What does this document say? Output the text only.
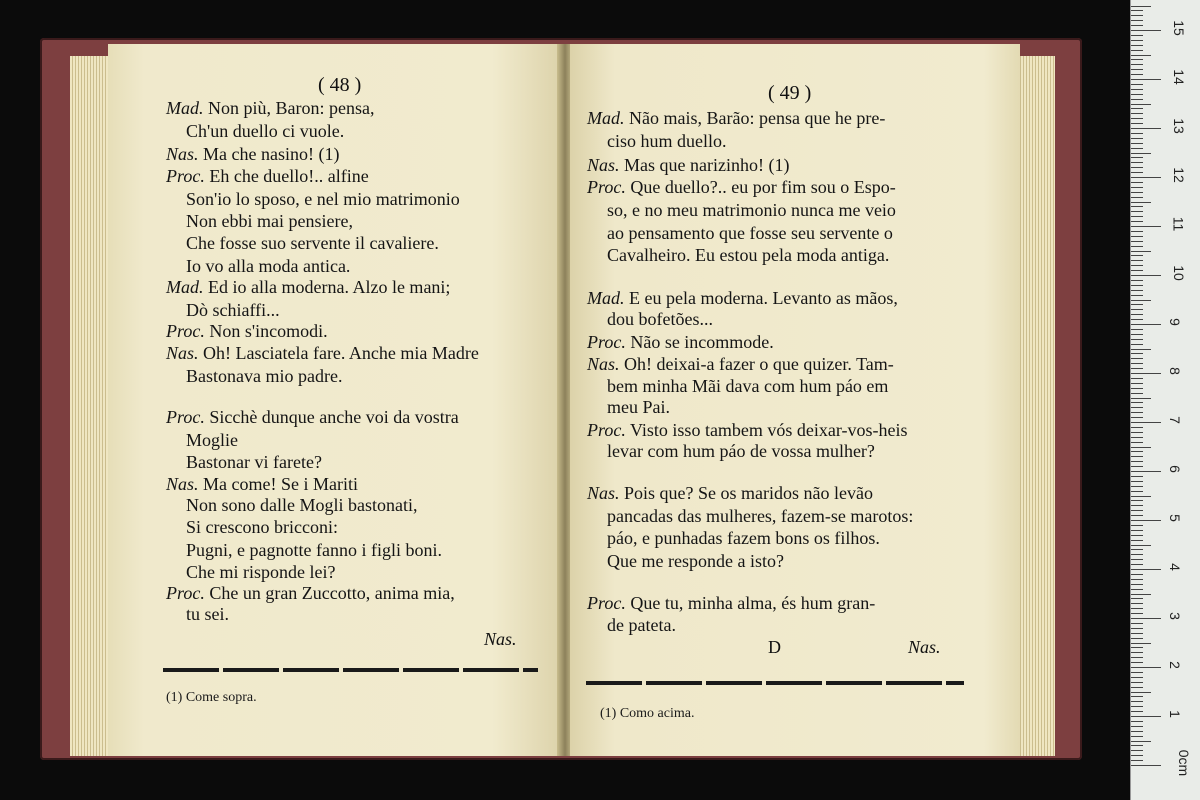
( 48 )
Mad. Non più, Baron: pensa,
Ch'un duello ci vuole.
Nas. Ma che nasino! (1)
Proc. Eh che duello!.. alfine
Son'io lo sposo, e nel mio matrimonio
Non ebbi mai pensiere,
Che fosse suo servente il cavaliere.
Io vo alla moda antica.
Mad. Ed io alla moderna. Alzo le mani;
Dò schiaffi...
Proc. Non s'incomodi.
Nas. Oh! Lasciatela fare. Anche mia Madre
Bastonava mio padre.
Proc. Sicchè dunque anche voi da vostra
Moglie
Bastonar vi farete?
Nas. Ma come! Se i Mariti
Non sono dalle Mogli bastonati,
Si crescono bricconi:
Pugni, e pagnotte fanno i figli boni.
Che mi risponde lei?
Proc. Che un gran Zuccotto, anima mia,
tu sei.
Nas.
(1) Come sopra.
( 49 )
Mad. Não mais, Barão: pensa que he pre-
ciso hum duello.
Nas. Mas que narizinho! (1)
Proc. Que duello?.. eu por fim sou o Espo-
so, e no meu matrimonio nunca me veio
ao pensamento que fosse seu servente o
Cavalheiro. Eu estou pela moda antiga.
Mad. E eu pela moderna. Levanto as mãos,
dou bofetões...
Proc. Não se incommode.
Nas. Oh! deixai-a fazer o que quizer. Tam-
bem minha Mãi dava com hum páo em
meu Pai.
Proc. Visto isso tambem vós deixar-vos-heis
levar com hum páo de vossa mulher?
Nas. Pois que? Se os maridos não levão
pancadas das mulheres, fazem-se marotos:
páo, e punhadas fazem bons os filhos.
Que me responde a isto?
Proc. Que tu, minha alma, és hum gran-
de pateta.
D	Nas.
(1) Como acima.
15
14
13
12
11
10
9
8
7
6
5
4
3
2
1
0cm
